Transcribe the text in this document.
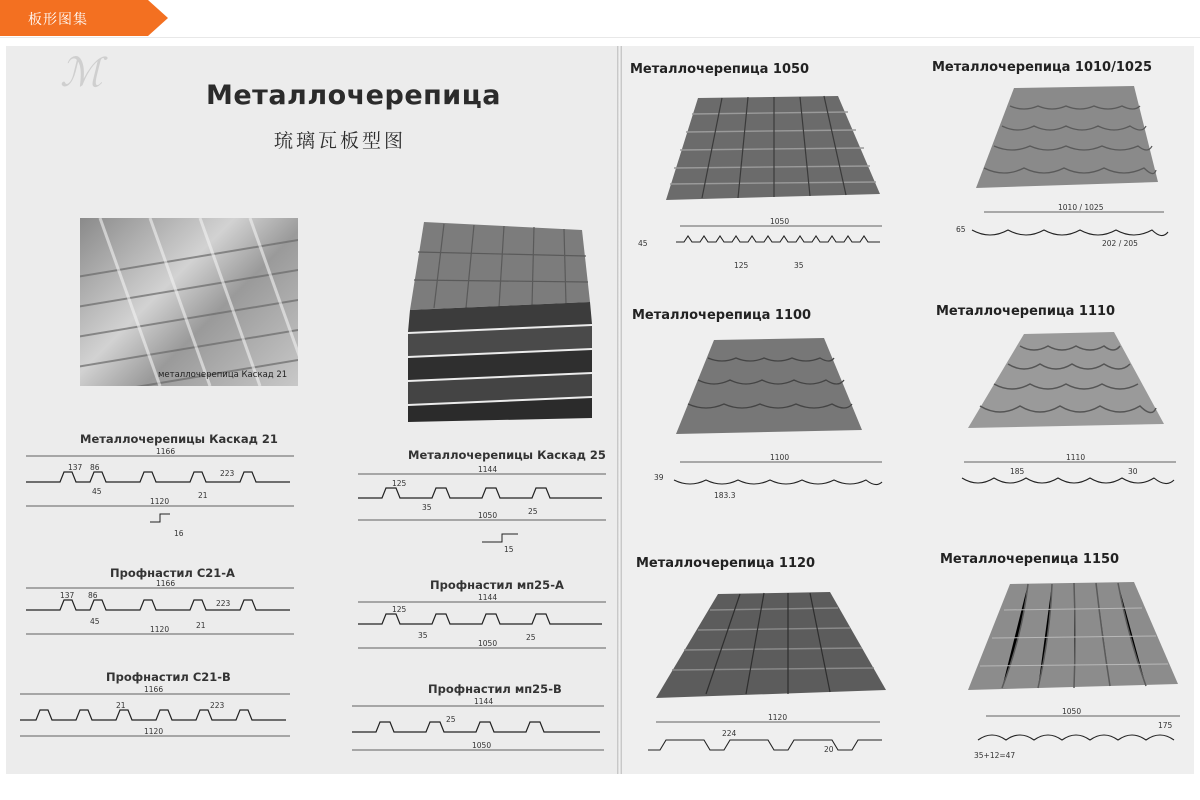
板形图集
ℳ	Металлочерепица
琉璃瓦板型图
металлочерепица Каскад 21
Металлочерепицы Каскад 21
1166
137 86
223
45	21
1120
16
Металлочерепицы Каскад 25
1144
125
35	25
1050
15
Профнастил С21-А
1166
137 86
223
45	21
1120
Профнастил мп25-А
1144
125
35	25
1050
Профнастил С21-В
1166
21	223
1120
Профнастил мп25-В
1144
25
1050
Металлочерепица 1050
1050
45
125	35
Металлочерепица 1010/1025
1010 / 1025
65
202 / 205
Металлочерепица 1100
1100
39
183.3
Металлочерепица 1110
1110
185	30
Металлочерепица 1120
1120
224
20
Металлочерепица 1150
1050
175
35+12=47
